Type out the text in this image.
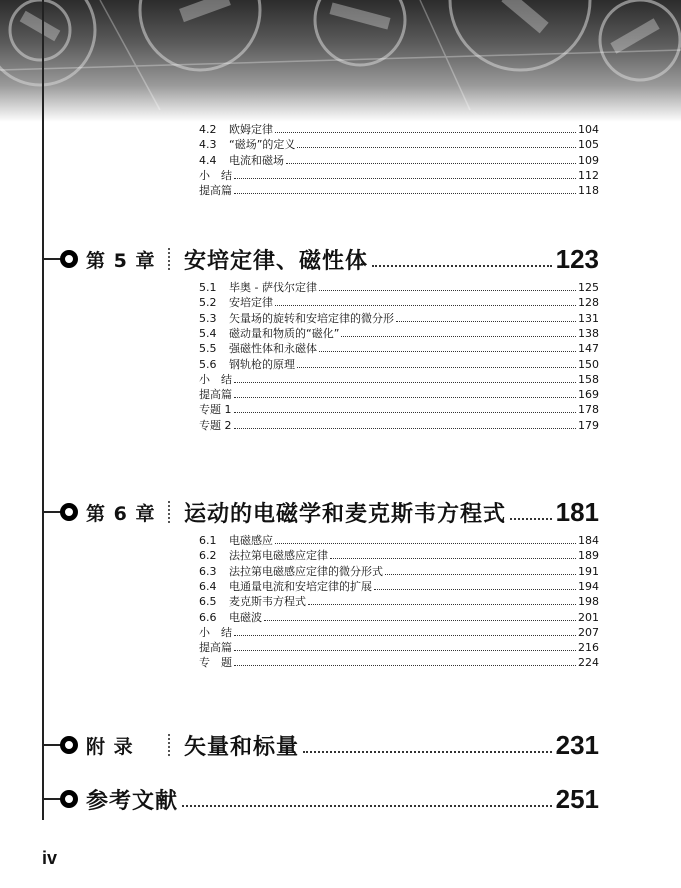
4.2	欧姆定律	104
4.3	“磁场”的定义	105
4.4	电流和磁场	109
小　结	112
提高篇	118
第 5 章 安培定律、磁性体	123
5.1	毕奥 - 萨伐尔定律	125
5.2	安培定律	128
5.3	矢量场的旋转和安培定律的微分形	131
5.4	磁动量和物质的“磁化”	138
5.5	强磁性体和永磁体	147
5.6	钢轨枪的原理	150
小　结	158
提高篇	169
专题 1	178
专题 2	179
第 6 章 运动的电磁学和麦克斯韦方程式 181
6.1	电磁感应	184
6.2	法拉第电磁感应定律	189
6.3	法拉第电磁感应定律的微分形式	191
6.4	电通量电流和安培定律的扩展	194
6.5	麦克斯韦方程式	198
6.6	电磁波	201
小　结	207
提高篇	216
专　题	224
附 录	矢量和标量	231
参考文献	251
iv
